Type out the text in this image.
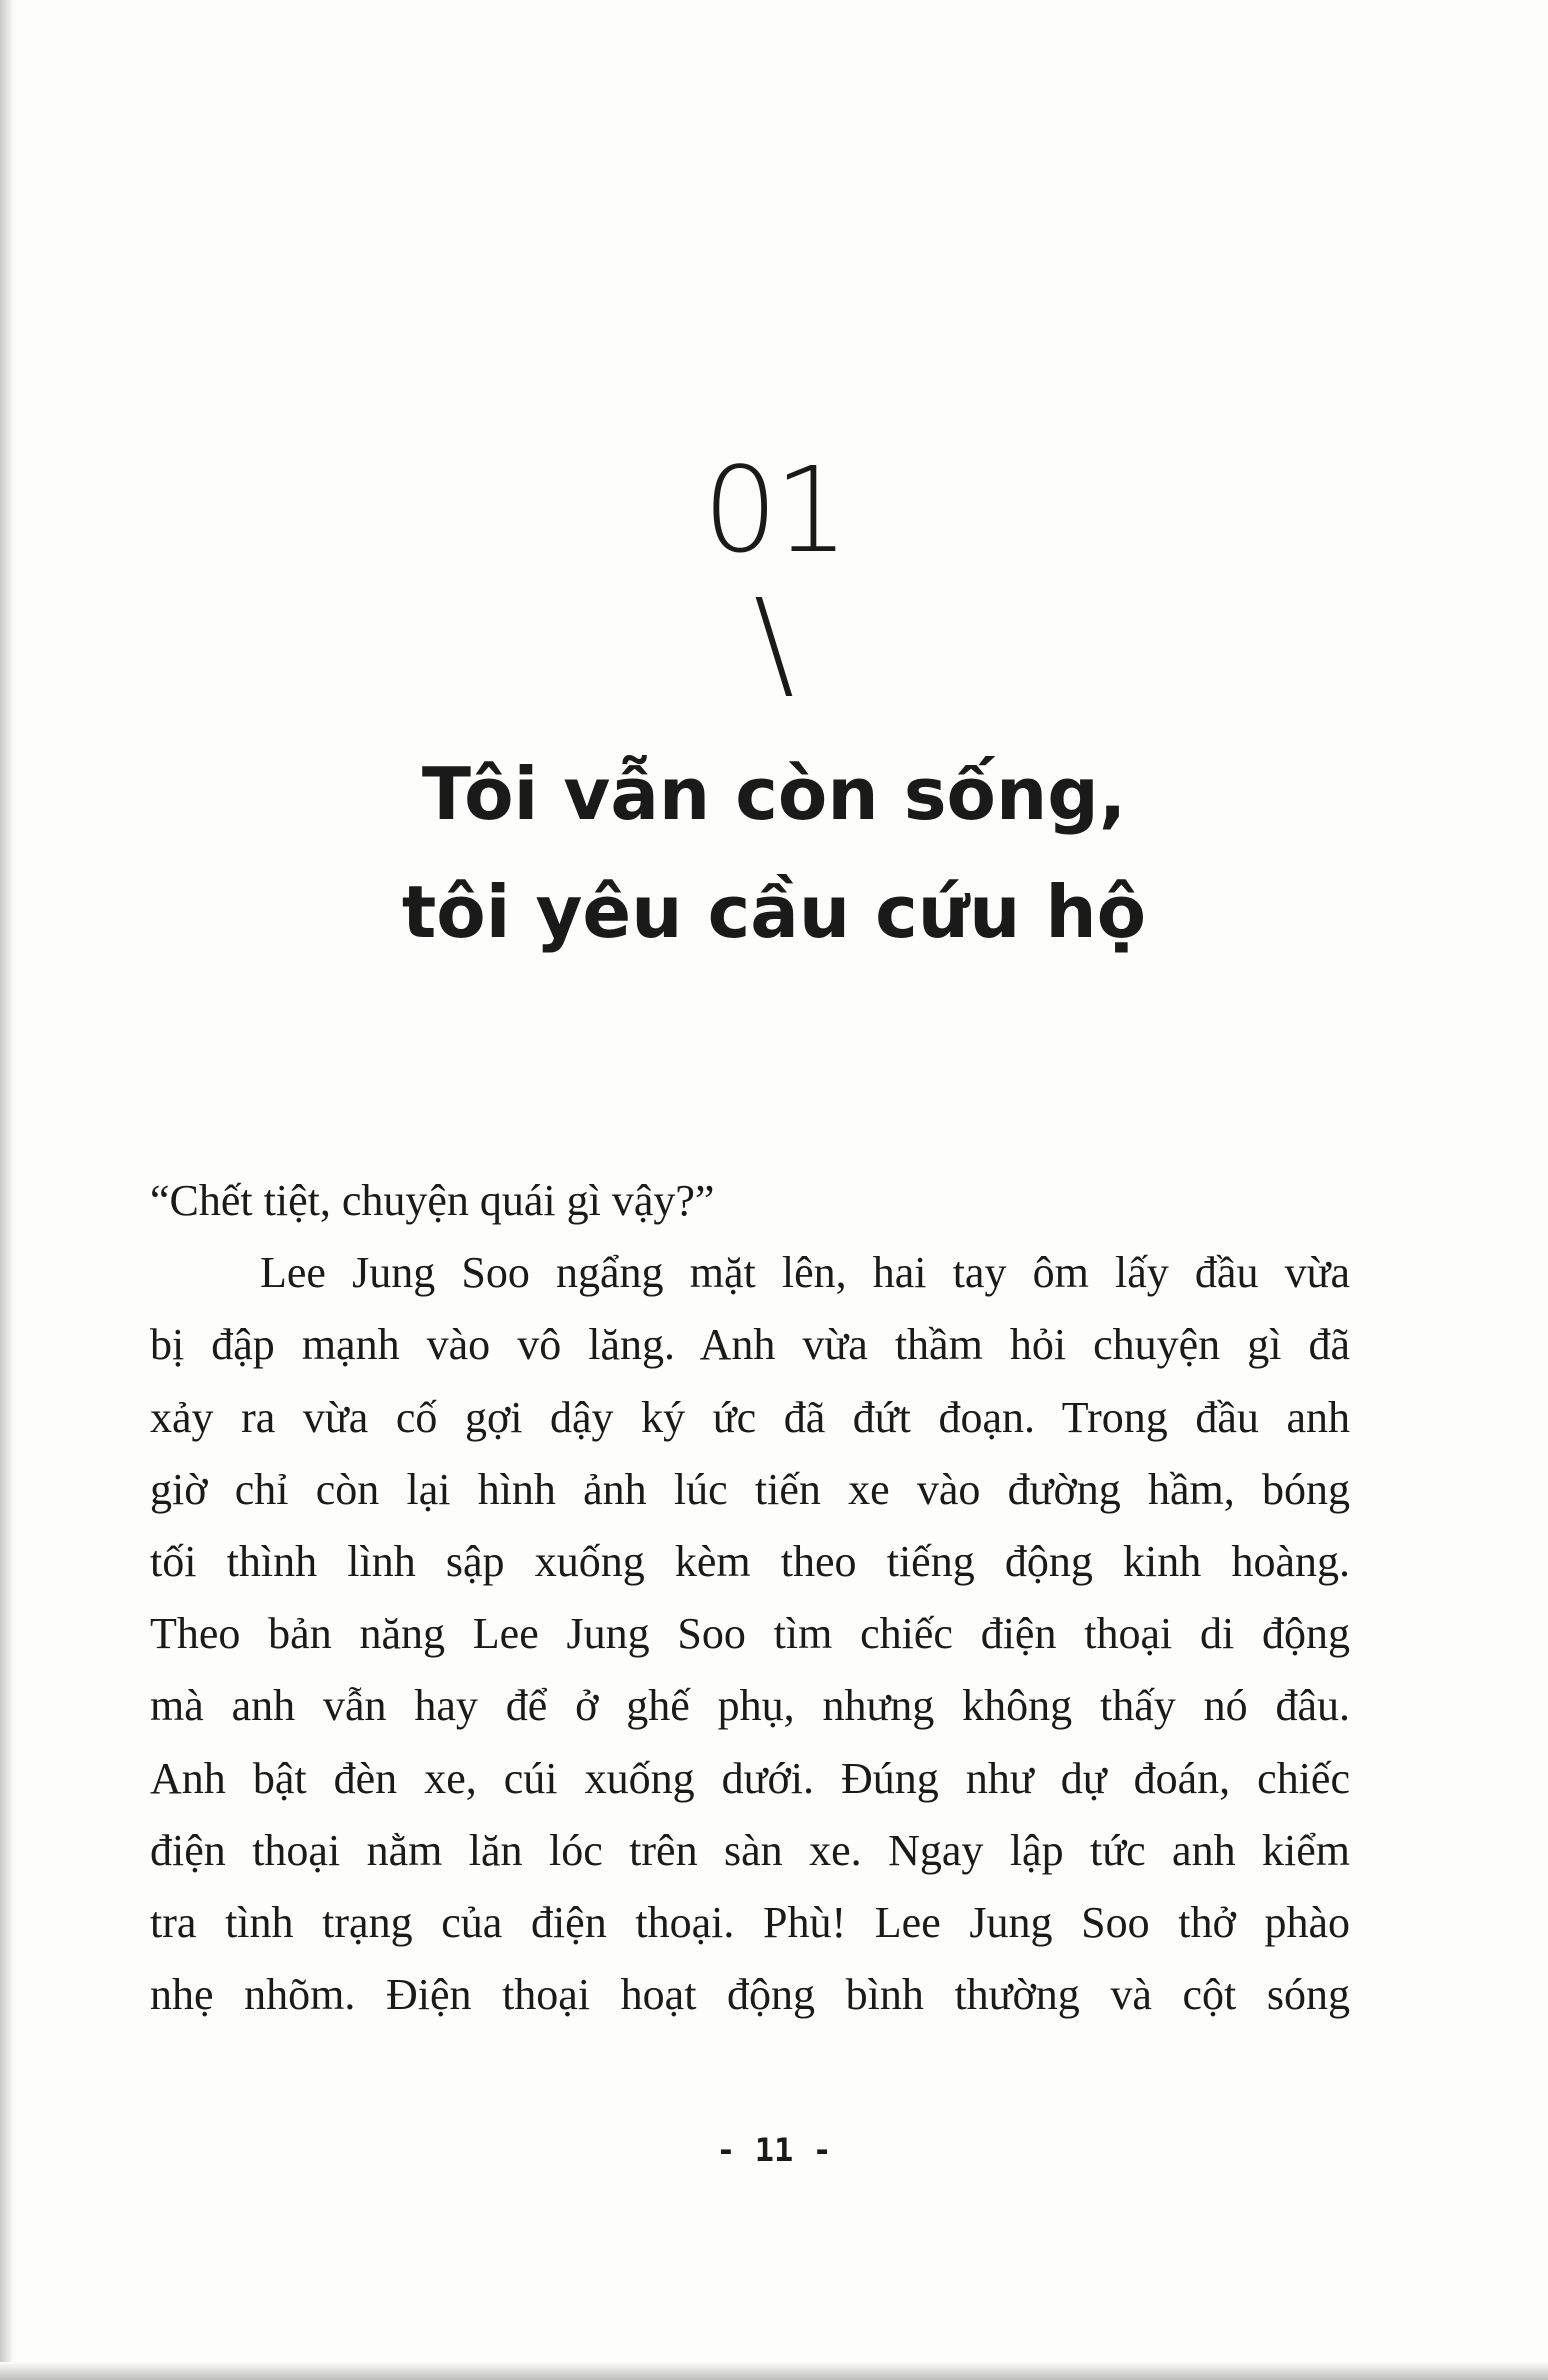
01
\
Tôi vẫn còn sống,
tôi yêu cầu cứu hộ
“Chết tiệt, chuyện quái gì vậy?”
Lee Jung Soo ngẩng mặt lên, hai tay ôm lấy đầu vừa
bị đập mạnh vào vô lăng. Anh vừa thầm hỏi chuyện gì đã
xảy ra vừa cố gợi dậy ký ức đã đứt đoạn. Trong đầu anh
giờ chỉ còn lại hình ảnh lúc tiến xe vào đường hầm, bóng
tối thình lình sập xuống kèm theo tiếng động kinh hoàng.
Theo bản năng Lee Jung Soo tìm chiếc điện thoại di động
mà anh vẫn hay để ở ghế phụ, nhưng không thấy nó đâu.
Anh bật đèn xe, cúi xuống dưới. Đúng như dự đoán, chiếc
điện thoại nằm lăn lóc trên sàn xe. Ngay lập tức anh kiểm
tra tình trạng của điện thoại. Phù! Lee Jung Soo thở phào
nhẹ nhõm. Điện thoại hoạt động bình thường và cột sóng
- 11 -
